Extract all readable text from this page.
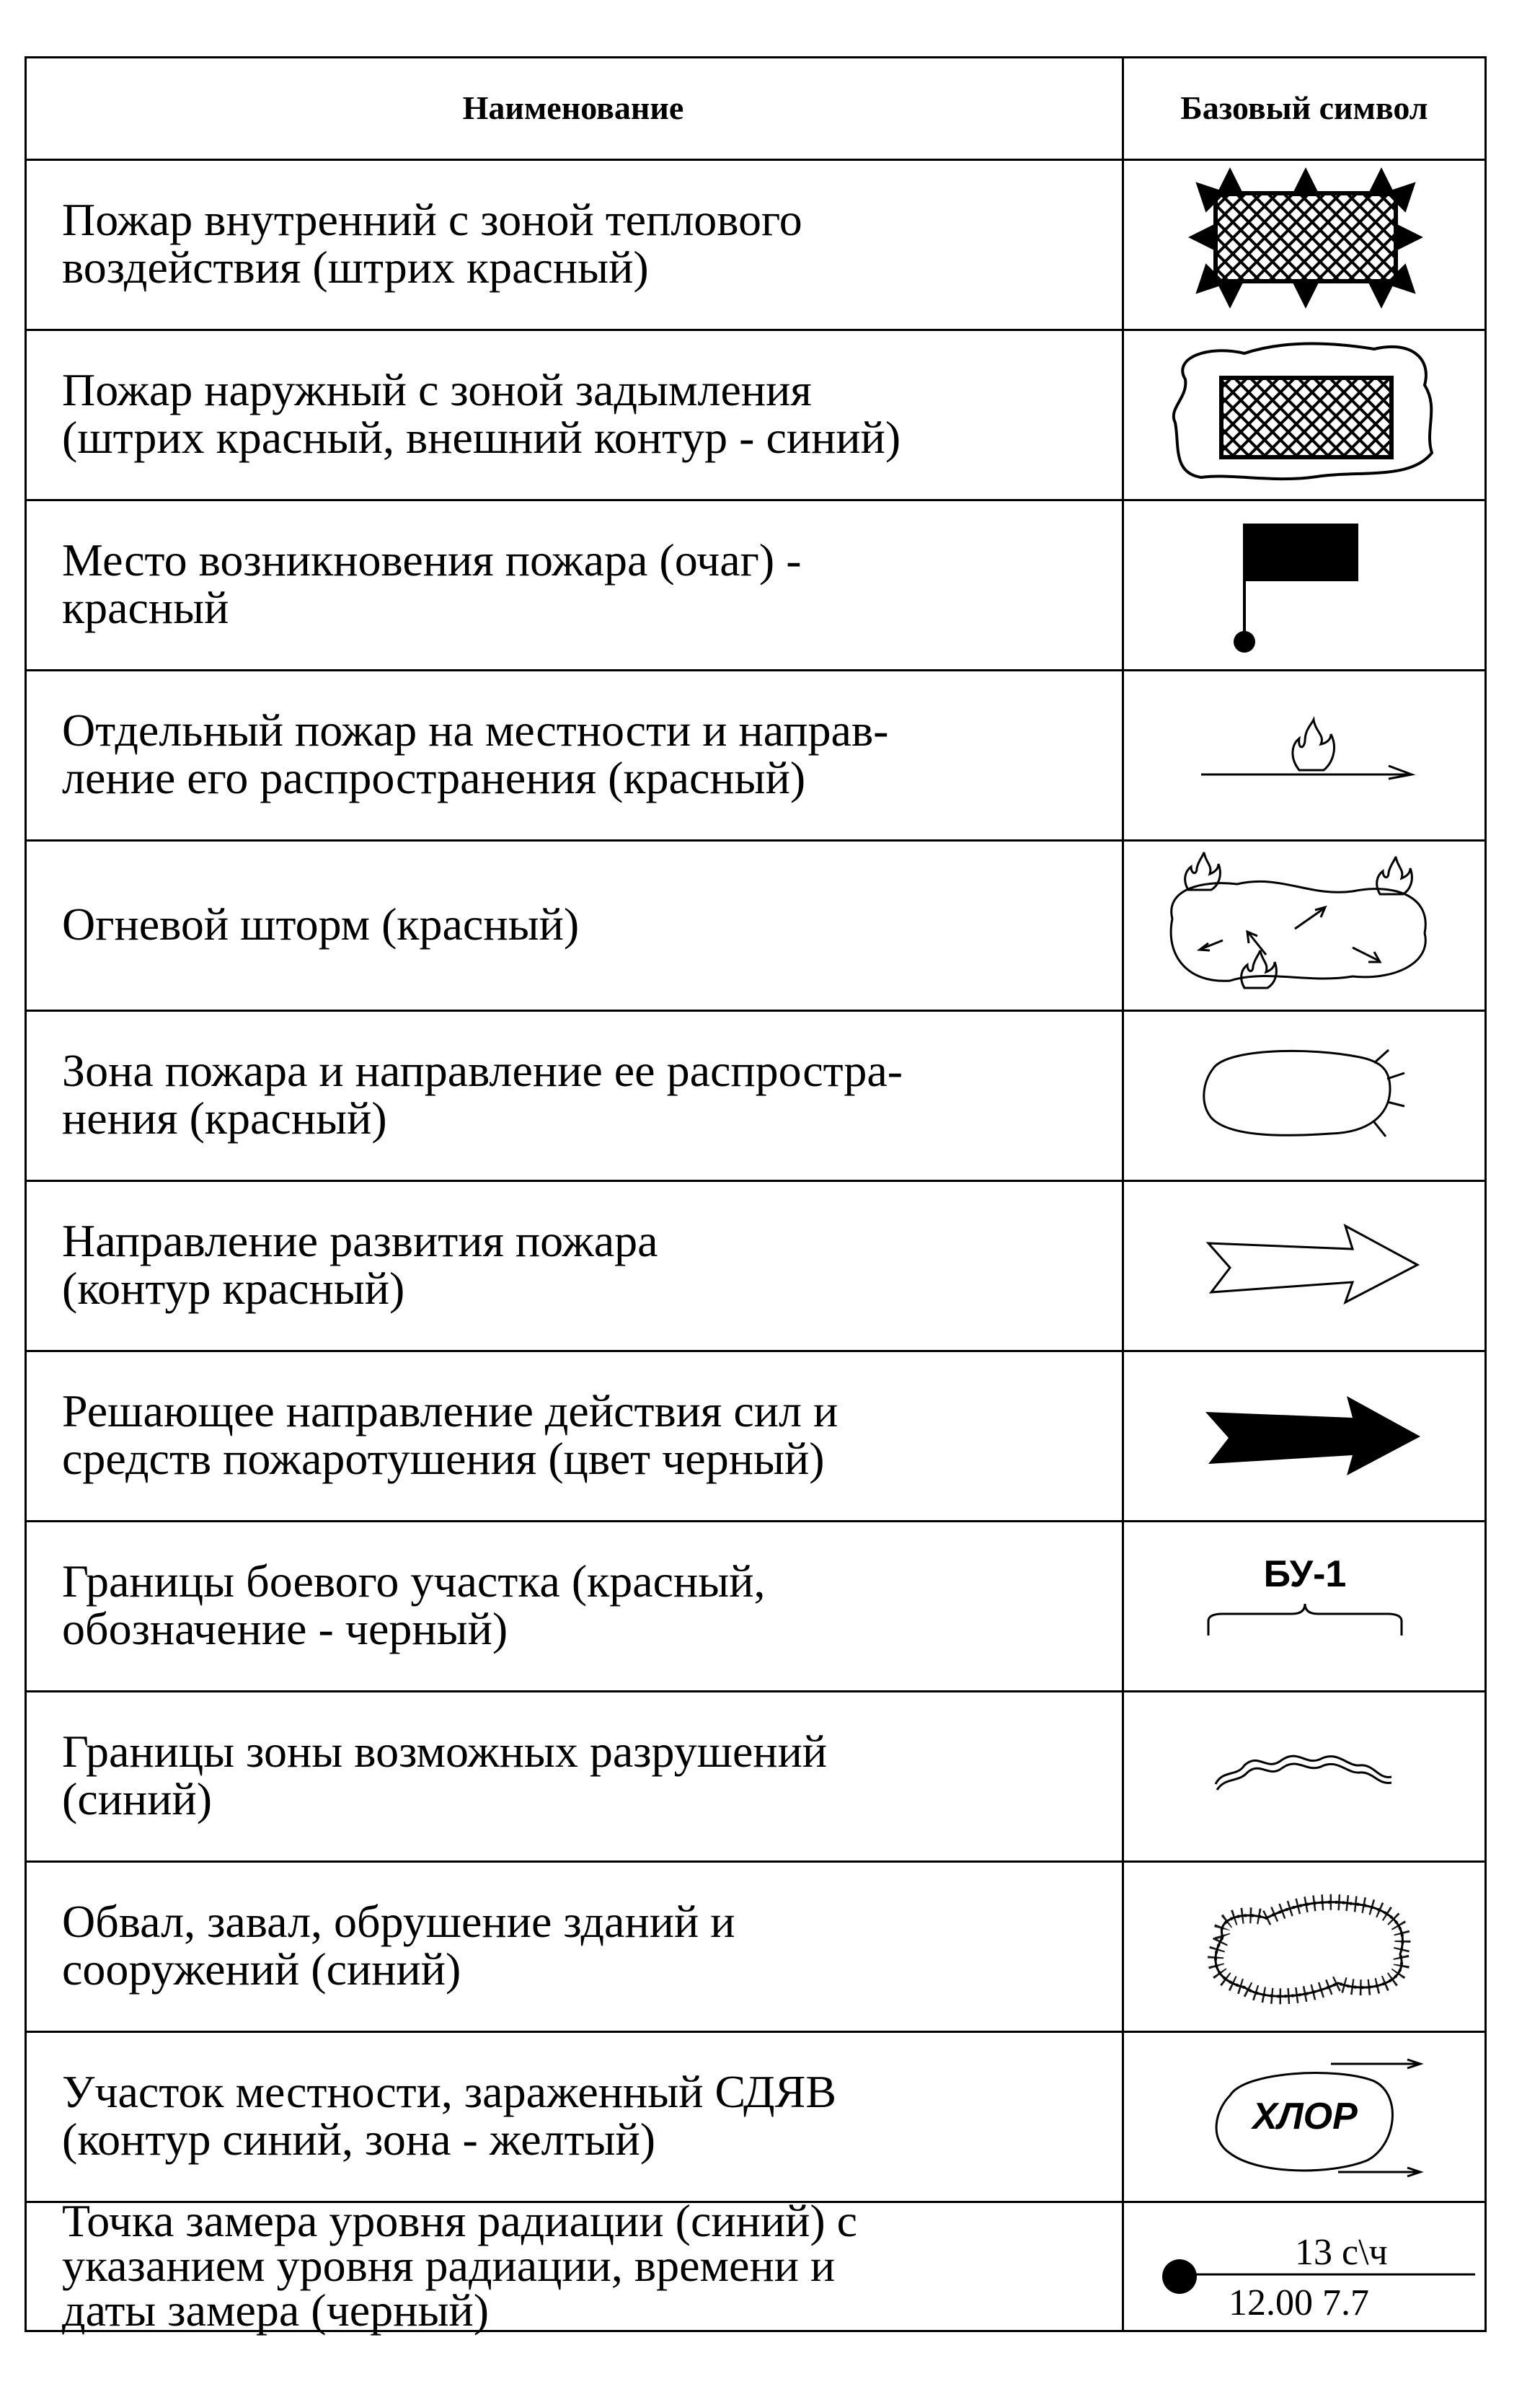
Наименование	Базовый символ
Пожар внутренний с зоной теплового
воздействия (штрих красный)
Пожар наружный с зоной задымления
(штрих красный, внешний контур - синий)
Место возникновения пожара (очаг) -
красный
Отдельный пожар на местности и направ-
ление его распространения (красный)
Огневой шторм (красный)
Зона пожара и направление ее распростра-
нения (красный)
Направление развития пожара
(контур красный)
Решающее направление действия сил и
средств пожаротушения (цвет черный)
Границы боевого участка (красный,
обозначение - черный)
БУ-1
Границы зоны возможных разрушений
(синий)
Обвал, завал, обрушение зданий и
сооружений (синий)
Участок местности, зараженный СДЯВ
(контур синий, зона - желтый)	ХЛОР
Точка замера уровня радиации (синий) с
указанием уровня радиации, времени и
даты замера (черный)
13 с\ч
12.00 7.7
